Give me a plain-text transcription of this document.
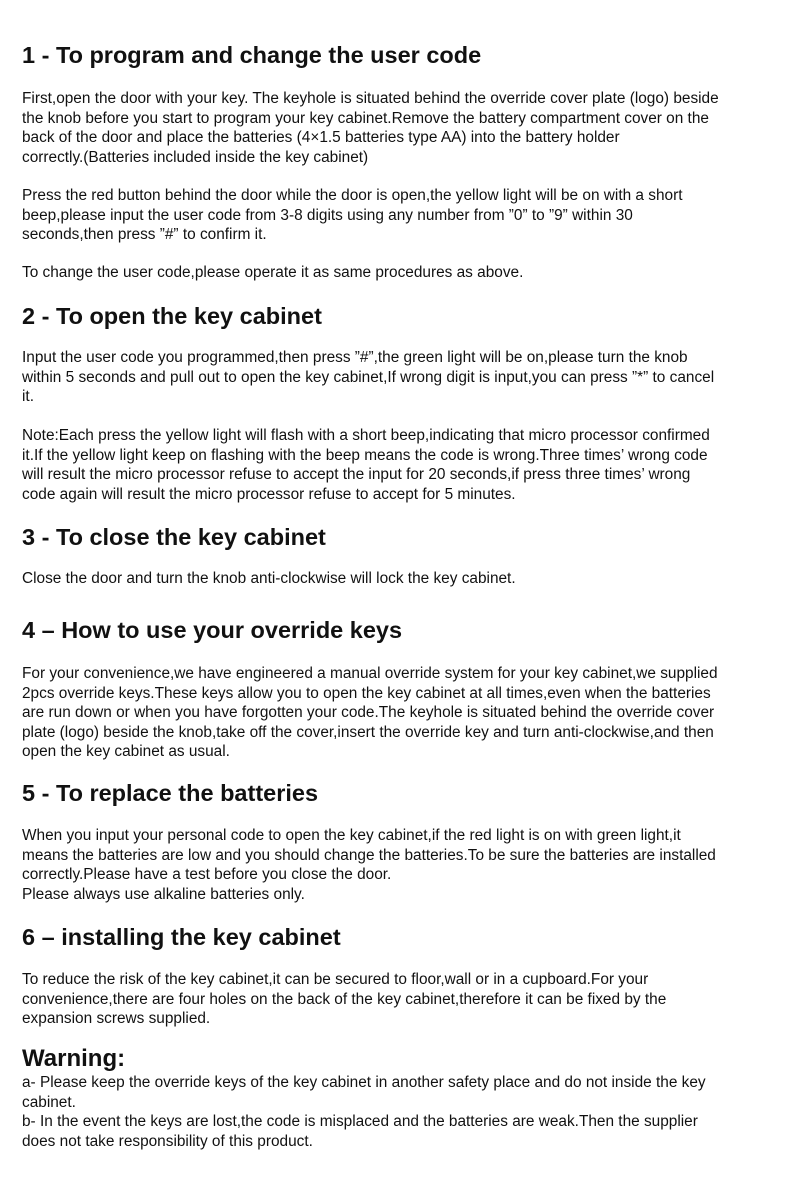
1 - To program and change the user code
First,open the door with your key. The keyhole is situated behind the override cover plate (logo) beside
the knob before you start to program your key cabinet.Remove the battery compartment cover on the
back of the door and place the batteries (4×1.5 batteries type AA) into the battery holder
correctly.(Batteries included inside the key cabinet)
Press the red button behind the door while the door is open,the yellow light will be on with a short
beep,please input the user code from 3-8 digits using any number from ”0” to ”9” within 30
seconds,then press ”#” to confirm it.
To change the user code,please operate it as same procedures as above.
2 - To open the key cabinet
Input the user code you programmed,then press ”#”,the green light will be on,please turn the knob
within 5 seconds and pull out to open the key cabinet,If wrong digit is input,you can press ”*” to cancel
it.
Note:Each press the yellow light will flash with a short beep,indicating that micro processor confirmed
it.If the yellow light keep on flashing with the beep means the code is wrong.Three times’ wrong code
will result the micro processor refuse to accept the input for 20 seconds,if press three times’ wrong
code again will result the micro processor refuse to accept for 5 minutes.
3 - To close the key cabinet
Close the door and turn the knob anti-clockwise will lock the key cabinet.
4 – How to use your override keys
For your convenience,we have engineered a manual override system for your key cabinet,we supplied
2pcs override keys.These keys allow you to open the key cabinet at all times,even when the batteries
are run down or when you have forgotten your code.The keyhole is situated behind the override cover
plate (logo) beside the knob,take off the cover,insert the override key and turn anti-clockwise,and then
open the key cabinet as usual.
5 - To replace the batteries
When you input your personal code to open the key cabinet,if the red light is on with green light,it
means the batteries are low and you should change the batteries.To be sure the batteries are installed
correctly.Please have a test before you close the door.
Please always use alkaline batteries only.
6 – installing the key cabinet
To reduce the risk of the key cabinet,it can be secured to floor,wall or in a cupboard.For your
convenience,there are four holes on the back of the key cabinet,therefore it can be fixed by the
expansion screws supplied.
Warning:
a- Please keep the override keys of the key cabinet in another safety place and do not inside the key
cabinet.
b- In the event the keys are lost,the code is misplaced and the batteries are weak.Then the supplier
does not take responsibility of this product.
